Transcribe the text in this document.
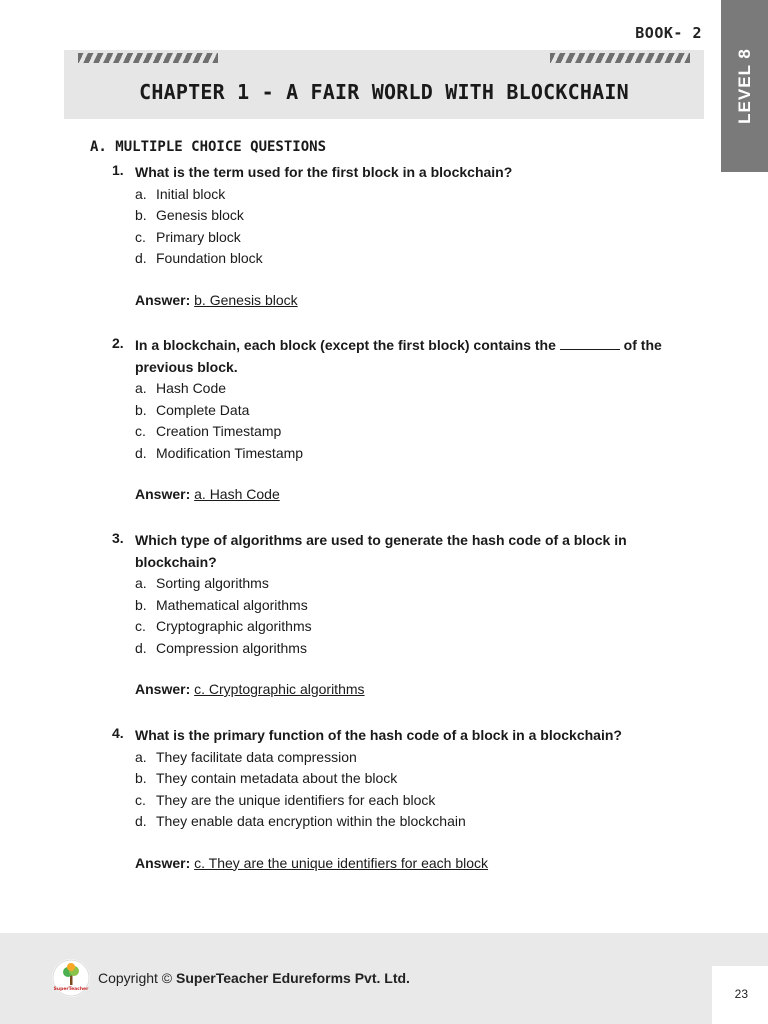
BOOK- 2
LEVEL 8
CHAPTER 1 - A FAIR WORLD WITH BLOCKCHAIN
A. MULTIPLE CHOICE QUESTIONS
1. What is the term used for the first block in a blockchain?
a. Initial block
b. Genesis block
c. Primary block
d. Foundation block
Answer: b. Genesis block
2. In a blockchain, each block (except the first block) contains the	of the previous block.
a. Hash Code
b. Complete Data
c. Creation Timestamp
d. Modification Timestamp
Answer: a. Hash Code
3. Which type of algorithms are used to generate the hash code of a block in blockchain?
a. Sorting algorithms
b. Mathematical algorithms
c. Cryptographic algorithms
d. Compression algorithms
Answer: c. Cryptographic algorithms
4. What is the primary function of the hash code of a block in a blockchain?
a. They facilitate data compression
b. They contain metadata about the block
c. They are the unique identifiers for each block
d. They enable data encryption within the blockchain
Answer: c. They are the unique identifiers for each block
SuperTeacher
Copyright © SuperTeacher Edureforms Pvt. Ltd.
23
